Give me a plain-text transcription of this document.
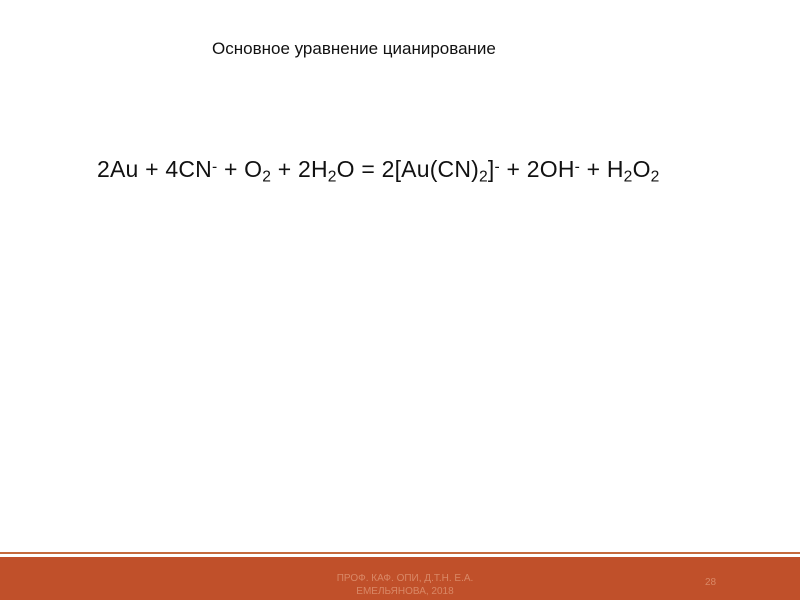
Основное уравнение цианирование
$2Au + 4CN^- + O_2 + 2H_2O = 2[Au(CN)_2]^- + 2OH^- + H_2O_2$
ПРОФ. КАФ. ОПИ, Д.Т.Н. Е.А.
ЕМЕЛЬЯНОВА, 2018
28
